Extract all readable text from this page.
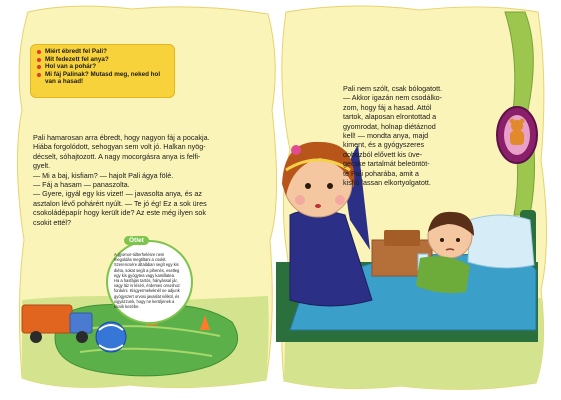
Miért ébredt fel Pali?
Mit fedezett fel anya?
Hol van a pohár?
Mi fáj Palinak? Mutasd meg, neked hol van a hasad!
Pali hamarosan arra ébredt, hogy nagyon fáj a pocakja.
Hiába forgolódott, sehogyan sem volt jó. Halkan nyög-
décselt, sóhajtozott. A nagy mocorgásra anya is felfi-
gyelt.
— Mi a baj, kisfiam? — hajolt Pali ágya fölé.
— Fáj a hasam — panaszolta.
— Gyere, igyál egy kis vizet! — javasolta anya, és az
asztalon lévő pohárért nyúlt. — Te jó ég! Ez a sok üres
csokoládépapír hogy került ide? Az este még ilyen sok
csokit ettél?
Pali nem szólt, csak bólogatott.
— Akkor igazán nem csodálko-
zom, hogy fáj a hasad. Attól
tartok, alaposan elrontottad a
gyomrodat, holnap diétáznod
kell! — mondta anya, majd
kiment, és a gyógyszeres
dobozból elővett kis üve-
gecske tartalmát beleöntöt-
te Pali poharába, amit a
kisfiú lassan elkortyolgatott.
Ötlet
A gyomor-túlterhelésre nem megoldás megtiltani a csokit. Szerencsére általában segít egy kis diéta, sokat segít a pihenés, esetleg egy kis gyógytea vagy kamillatea. Ha a hasfájás tartós, hányással jár, vagy láz is kíséri, érdemes orvoshoz fordulni. Kisgyermekeknél ne adjunk gyógyszert orvosi javaslat nélkül, és vigyázzunk, hogy ne kerüljenek a kicsik kezébe.
